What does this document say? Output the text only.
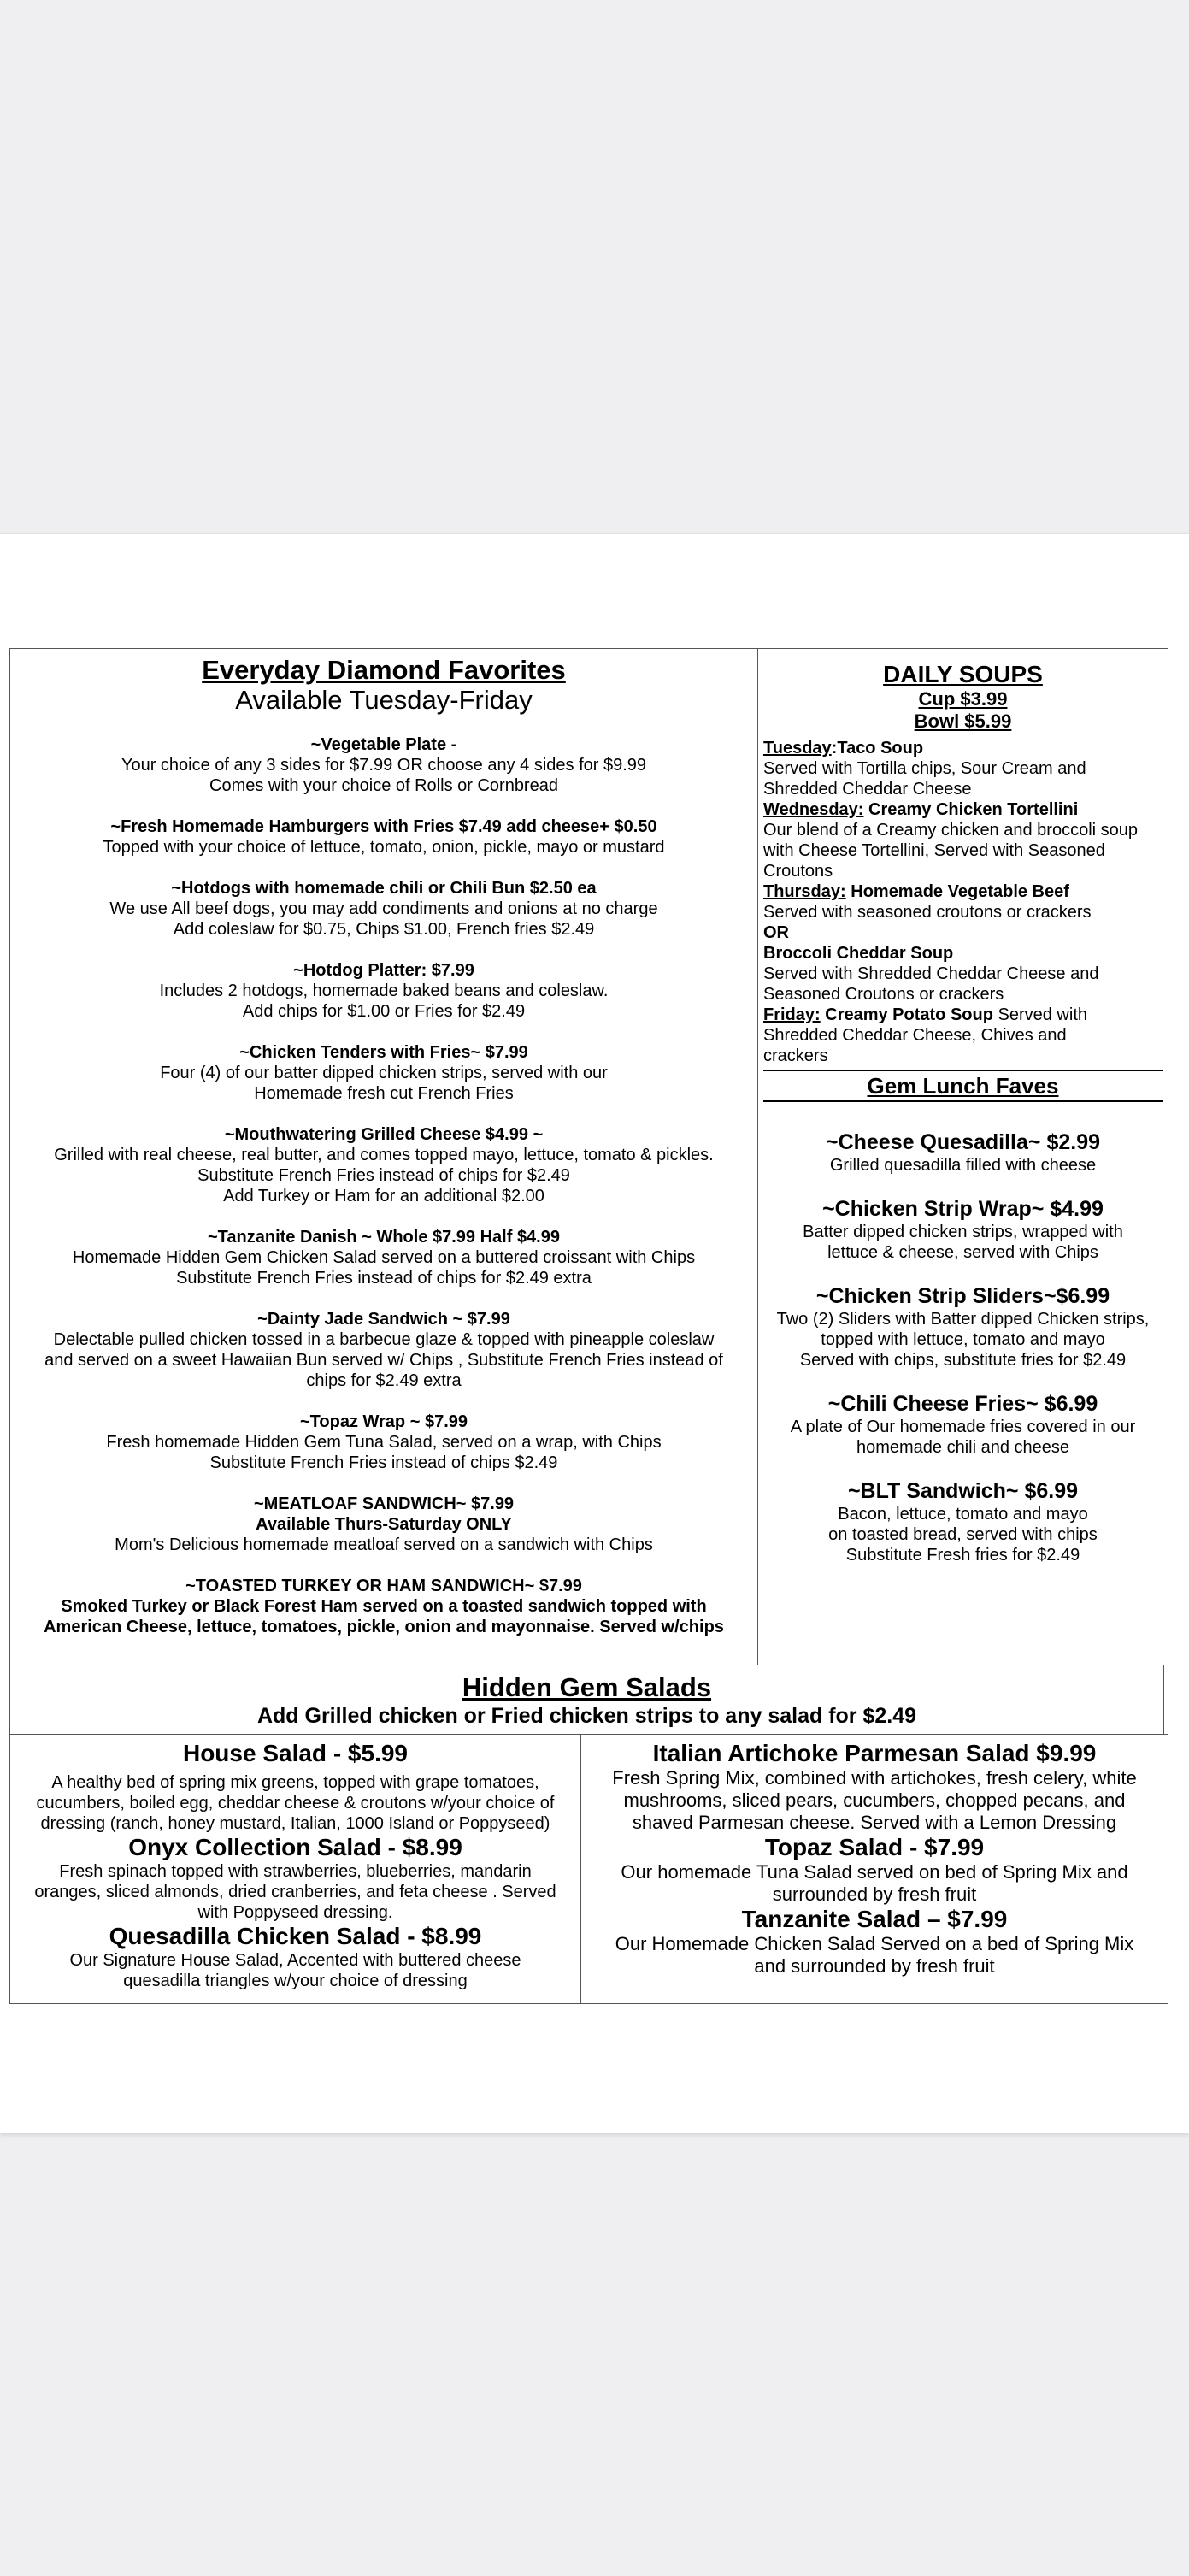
Everyday Diamond Favorites
Available Tuesday-Friday
~Vegetable Plate -
Your choice of any 3 sides for $7.99 OR choose any 4 sides for $9.99
Comes with your choice of Rolls or Cornbread
~Fresh Homemade Hamburgers with Fries $7.49 add cheese+ $0.50
Topped with your choice of lettuce, tomato, onion, pickle, mayo or mustard
~Hotdogs with homemade chili or Chili Bun $2.50 ea
We use All beef dogs, you may add condiments and onions at no charge
Add coleslaw for $0.75, Chips $1.00, French fries $2.49
~Hotdog Platter: $7.99
Includes 2 hotdogs, homemade baked beans and coleslaw.
Add chips for $1.00 or Fries for $2.49
~Chicken Tenders with Fries~ $7.99
Four (4) of our batter dipped chicken strips, served with our
Homemade fresh cut French Fries
~Mouthwatering Grilled Cheese $4.99 ~
Grilled with real cheese, real butter, and comes topped mayo, lettuce, tomato & pickles.
Substitute French Fries instead of chips for $2.49
Add Turkey or Ham for an additional $2.00
~Tanzanite Danish ~ Whole $7.99 Half $4.99
Homemade Hidden Gem Chicken Salad served on a buttered croissant with Chips
Substitute French Fries instead of chips for $2.49 extra
~Dainty Jade Sandwich ~ $7.99
Delectable pulled chicken tossed in a barbecue glaze & topped with pineapple coleslaw
and served on a sweet Hawaiian Bun served w/ Chips , Substitute French Fries instead of
chips for $2.49 extra
~Topaz Wrap ~ $7.99
Fresh homemade Hidden Gem Tuna Salad, served on a wrap, with Chips
Substitute French Fries instead of chips $2.49
~MEATLOAF SANDWICH~ $7.99
Available Thurs-Saturday ONLY
Mom's Delicious homemade meatloaf served on a sandwich with Chips
~TOASTED TURKEY OR HAM SANDWICH~ $7.99
Smoked Turkey or Black Forest Ham served on a toasted sandwich topped with
American Cheese, lettuce, tomatoes, pickle, onion and mayonnaise. Served w/chips
DAILY SOUPS
Cup $3.99
Bowl $5.99
Tuesday:Taco Soup
Served with Tortilla chips, Sour Cream and
Shredded Cheddar Cheese
Wednesday: Creamy Chicken Tortellini
Our blend of a Creamy chicken and broccoli soup
with Cheese Tortellini, Served with Seasoned
Croutons
Thursday: Homemade Vegetable Beef
Served with seasoned croutons or crackers
OR
Broccoli Cheddar Soup
Served with Shredded Cheddar Cheese and
Seasoned Croutons or crackers
Friday: Creamy Potato Soup Served with
Shredded Cheddar Cheese, Chives and
crackers
Gem Lunch Faves
~Cheese Quesadilla~ $2.99
Grilled quesadilla filled with cheese
~Chicken Strip Wrap~ $4.99
Batter dipped chicken strips, wrapped with
lettuce & cheese, served with Chips
~Chicken Strip Sliders~$6.99
Two (2) Sliders with Batter dipped Chicken strips,
topped with lettuce, tomato and mayo
Served with chips, substitute fries for $2.49
~Chili Cheese Fries~ $6.99
A plate of Our homemade fries covered in our
homemade chili and cheese
~BLT Sandwich~ $6.99
Bacon, lettuce, tomato and mayo
on toasted bread, served with chips
Substitute Fresh fries for $2.49
Hidden Gem Salads
Add Grilled chicken or Fried chicken strips to any salad for $2.49
House Salad - $5.99
A healthy bed of spring mix greens, topped with grape tomatoes,
cucumbers, boiled egg, cheddar cheese & croutons w/your choice of
dressing (ranch, honey mustard, Italian, 1000 Island or Poppyseed)
Onyx Collection Salad - $8.99
Fresh spinach topped with strawberries, blueberries, mandarin
oranges, sliced almonds, dried cranberries, and feta cheese . Served
with Poppyseed dressing.
Quesadilla Chicken Salad - $8.99
Our Signature House Salad, Accented with buttered cheese
quesadilla triangles w/your choice of dressing
Italian Artichoke Parmesan Salad $9.99
Fresh Spring Mix, combined with artichokes, fresh celery, white
mushrooms, sliced pears, cucumbers, chopped pecans, and
shaved Parmesan cheese. Served with a Lemon Dressing
Topaz Salad - $7.99
Our homemade Tuna Salad served on bed of Spring Mix and
surrounded by fresh fruit
Tanzanite Salad – $7.99
Our Homemade Chicken Salad Served on a bed of Spring Mix
and surrounded by fresh fruit
